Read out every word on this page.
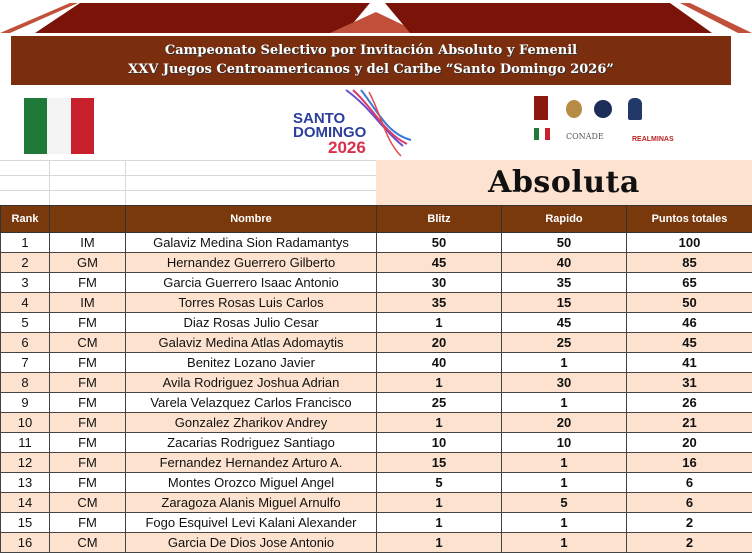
Campeonato Selectivo por Invitación Absoluto y Femenil
XXV Juegos Centroamericanos y del Caribe “Santo Domingo 2026”
SANTO
DOMINGO
2026
CONADE	REALMINAS
Absoluta
Rank		Nombre	Blitz	Rapido	Puntos totales
1	IM	Galaviz Medina Sion Radamantys	50	50	100
2	GM	Hernandez Guerrero Gilberto	45	40	85
3	FM	Garcia Guerrero Isaac Antonio	30	35	65
4	IM	Torres Rosas Luis Carlos	35	15	50
5	FM	Diaz Rosas Julio Cesar	1	45	46
6	CM	Galaviz Medina Atlas Adomaytis	20	25	45
7	FM	Benitez Lozano Javier	40	1	41
8	FM	Avila Rodriguez Joshua Adrian	1	30	31
9	FM	Varela Velazquez Carlos Francisco	25	1	26
10	FM	Gonzalez Zharikov Andrey	1	20	21
11	FM	Zacarias Rodriguez Santiago	10	10	20
12	FM	Fernandez Hernandez Arturo A.	15	1	16
13	FM	Montes Orozco Miguel Angel	5	1	6
14	CM	Zaragoza Alanis Miguel Arnulfo	1	5	6
15	FM	Fogo Esquivel Levi Kalani Alexander	1	1	2
16	CM	Garcia De Dios Jose Antonio	1	1	2
